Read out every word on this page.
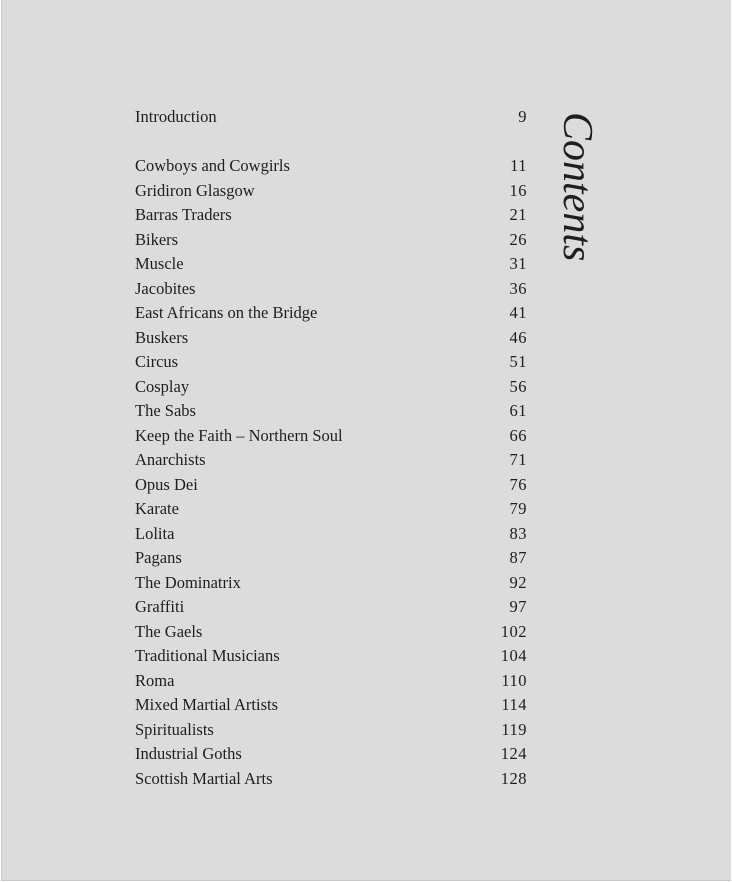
Contents
Introduction	9
Cowboys and Cowgirls	11
Gridiron Glasgow	16
Barras Traders	21
Bikers	26
Muscle	31
Jacobites	36
East Africans on the Bridge	41
Buskers	46
Circus	51
Cosplay	56
The Sabs	61
Keep the Faith – Northern Soul	66
Anarchists	71
Opus Dei	76
Karate	79
Lolita	83
Pagans	87
The Dominatrix	92
Graffiti	97
The Gaels	102
Traditional Musicians	104
Roma	110
Mixed Martial Artists	114
Spiritualists	119
Industrial Goths	124
Scottish Martial Arts	128
